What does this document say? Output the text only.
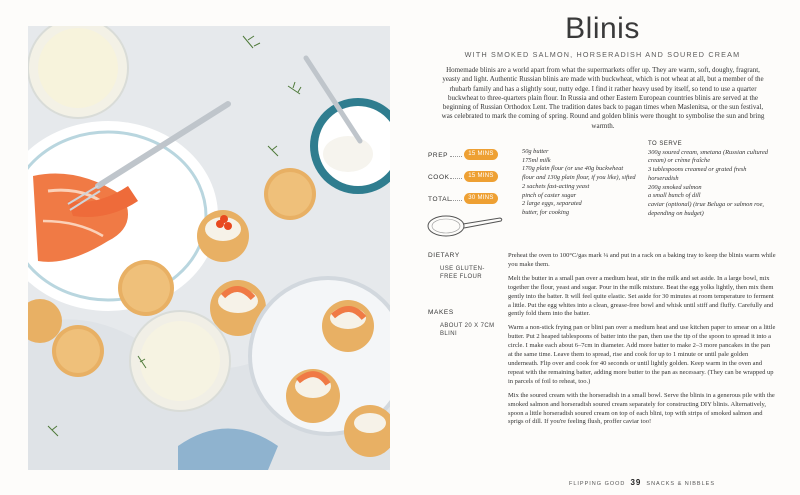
Blinis
WITH SMOKED SALMON, HORSERADISH AND SOURED CREAM
Homemade blinis are a world apart from what the supermarkets offer up. They are warm, soft, doughy, fragrant, yeasty and light. Authentic Russian blinis are made with buckwheat, which is not wheat at all, but a member of the rhubarb family and has a slightly sour, nutty edge. I find it rather heavy used by itself, so tend to use a quarter buckwheat to three-quarters plain flour. In Russia and other Eastern European countries blinis are served at the beginning of Russian Orthodox Lent. The tradition dates back to pagan times when Maslenitsa, or the sun festival, was celebrated to mark the coming of spring. Round and golden blinis were thought to symbolise the sun and bring warmth.
PREP	15 MINS
COOK	15 MINS
TOTAL	30 MINS
50g butter
175ml milk
170g plain flour (or use 40g buckwheat flour and 130g plain flour, if you like), sifted
2 sachets fast-acting yeast
pinch of caster sugar
2 large eggs, separated
butter, for cooking
TO SERVE
300g soured cream, smetana (Russian cultured cream) or crème fraîche
3 tablespoons creamed or grated fresh horseradish
200g smoked salmon
a small bunch of dill
caviar (optional) (true Beluga or salmon roe, depending on budget)
DIETARY
USE GLUTEN-FREE FLOUR
MAKES
ABOUT 20 X 7CM BLINI

Preheat the oven to 100°C/gas mark ¼ and put in a rack on a baking tray to keep the blinis warm while you make them.

Melt the butter in a small pan over a medium heat, stir in the milk and set aside. In a large bowl, mix together the flour, yeast and sugar. Pour in the milk mixture. Beat the egg yolks lightly, then mix them gently into the batter. It will feel quite elastic. Set aside for 30 minutes at room temperature to ferment a little. Put the egg whites into a clean, grease-free bowl and whisk until stiff and fluffy. Carefully and gently fold them into the batter.

Warm a non-stick frying pan or blini pan over a medium heat and use kitchen paper to smear on a little butter. Put 2 heaped tablespoons of batter into the pan, then use the tip of the spoon to spread it into a circle. I make each about 6–7cm in diameter. Add more batter to make 2–3 more pancakes in the pan at the same time. Leave them to spread, rise and cook for up to 1 minute or until pale golden underneath. Flip over and cook for 40 seconds or until lightly golden. Keep warm in the oven and repeat with the remaining batter, adding more butter to the pan as necessary. (They can be wrapped up in parcels of foil to reheat, too.)

Mix the soured cream with the horseradish in a small bowl. Serve the blinis in a generous pile with the smoked salmon and horseradish soured cream separately for constructing DIY blinis. Alternatively, spoon a little horseradish soured cream on top of each blini, top with strips of smoked salmon and sprigs of dill. If you're feeling flush, proffer caviar too!

FLIPPING GOOD 39 SNACKS & NIBBLES
